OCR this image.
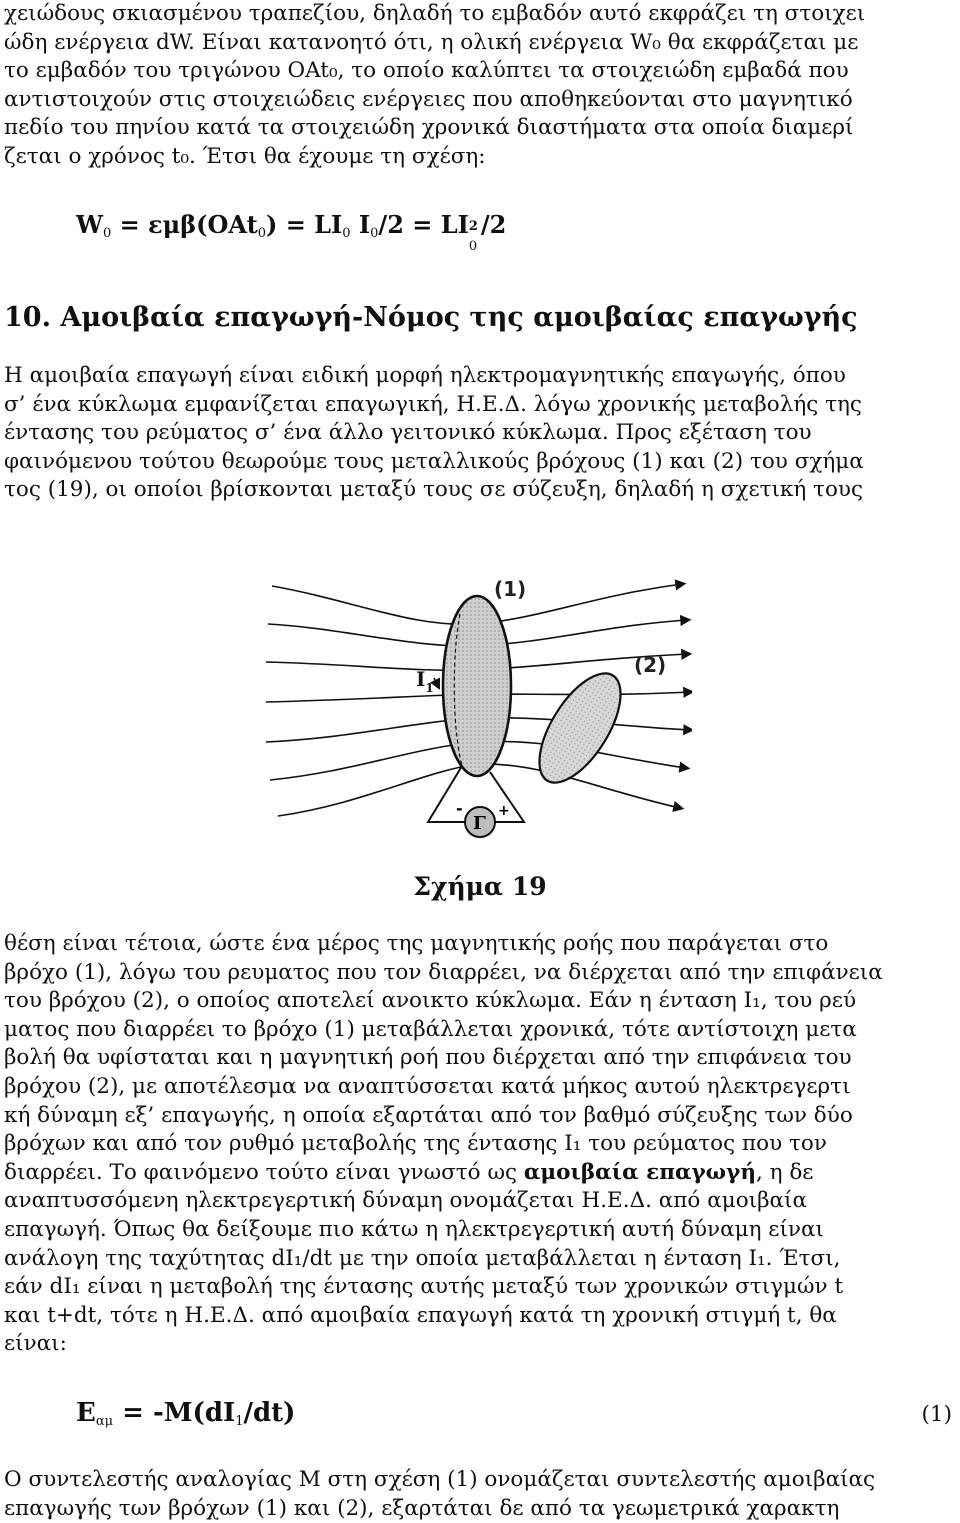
χειώδους σκιασμένου τραπεζίου, δηλαδή το εμβαδόν αυτό εκφράζει τη στοιχει
ώδη ενέργεια dW. Είναι κατανοητό ότι, η ολική ενέργεια W₀ θα εκφράζεται με
το εμβαδόν του τριγώνου OAt₀, το οποίο καλύπτει τα στοιχειώδη εμβαδά που
αντιστοιχούν στις στοιχειώδεις ενέργειες που αποθηκεύονται στο μαγνητικό
πεδίο του πηνίου κατά τα στοιχειώδη χρονικά διαστήματα στα οποία διαμερί
ζεται ο χρόνος t₀. Έτσι θα έχουμε τη σχέση:
$W_0 = \varepsilon\mu\beta(OAt_0) = LI_0$ $I_0/2$ = LI 2
0
/2
10. Αμοιβαία επαγωγή-Νόμος της αμοιβαίας επαγωγής
Η αμοιβαία επαγωγή είναι ειδική μορφή ηλεκτρομαγνητικής επαγωγής, όπου
σ’ ένα κύκλωμα εμφανίζεται επαγωγική, Η.Ε.Δ. λόγω χρονικής μεταβολής της
έντασης του ρεύματος σ’ ένα άλλο γειτονικό κύκλωμα. Προς εξέταση του
φαινόμενου τούτου θεωρούμε τους μεταλλικούς βρόχους (1) και (2) του σχήμα
τος (19), οι οποίοι βρίσκονται μεταξύ τους σε σύζευξη, δηλαδή η σχετική τους
Γ
-	+
(1)
(2)
$I_1$
Σχήμα 19
θέση είναι τέτοια, ώστε ένα μέρος της μαγνητικής ροής που παράγεται στο
βρόχο (1), λόγω του ρευματος που τον διαρρέει, να διέρχεται από την επιφάνεια
του βρόχου (2), ο οποίος αποτελεί ανοικτο κύκλωμα. Εάν η ένταση I₁, του ρεύ
ματος που διαρρέει το βρόχο (1) μεταβάλλεται χρονικά, τότε αντίστοιχη μετα
βολή θα υφίσταται και η μαγνητική ροή που διέρχεται από την επιφάνεια του
βρόχου (2), με αποτέλεσμα να αναπτύσσεται κατά μήκος αυτού ηλεκτρεγερτι
κή δύναμη εξ’ επαγωγής, η οποία εξαρτάται από τον βαθμό σύζευξης των δύο
βρόχων και από τον ρυθμό μεταβολής της έντασης I₁ του ρεύματος που τον
διαρρέει. Το φαινόμενο τούτο είναι γνωστό ως αμοιβαία επαγωγή, η δε
αναπτυσσόμενη ηλεκτρεγερτική δύναμη ονομάζεται Η.Ε.Δ. από αμοιβαία
επαγωγή. Όπως θα δείξουμε πιο κάτω η ηλεκτρεγερτική αυτή δύναμη είναι
ανάλογη της ταχύτητας dI₁/dt με την οποία μεταβάλλεται η ένταση I₁. Έτσι,
εάν dI₁ είναι η μεταβολή της έντασης αυτής μεταξύ των χρονικών στιγμών t
και t+dt, τότε η Η.Ε.Δ. από αμοιβαία επαγωγή κατά τη χρονική στιγμή t, θα
είναι:
$E_{\alpha\mu} = -M(dI_1/dt)$	(1)
Ο συντελεστής αναλογίας M στη σχέση (1) ονομάζεται συντελεστής αμοιβαίας
επαγωγής των βρόχων (1) και (2), εξαρτάται δε από τα γεωμετρικά χαρακτη
